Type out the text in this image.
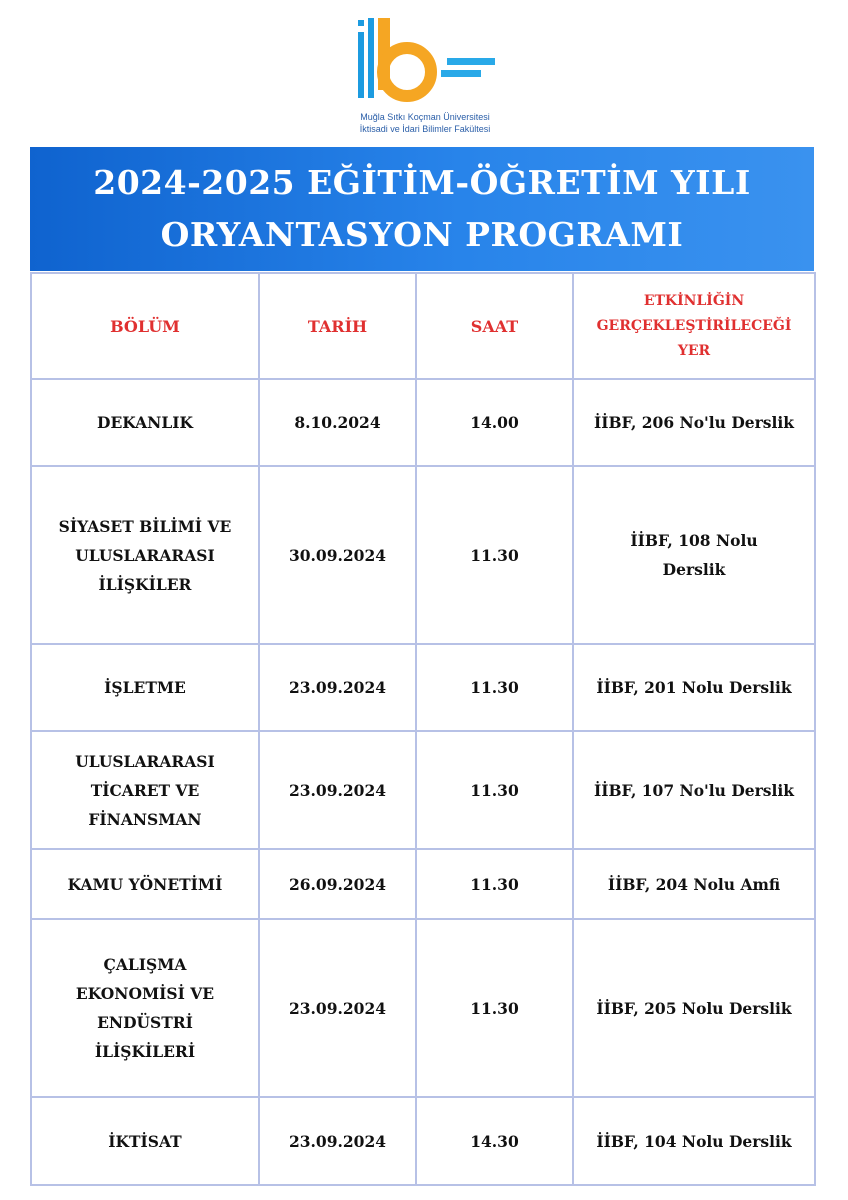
Muğla Sıtkı Koçman Üniversitesi
İktisadi ve İdari Bilimler Fakültesi
2024-2025 EĞİTİM-ÖĞRETİM YILI
ORYANTASYON PROGRAMI
BÖLÜM	TARİH	SAAT	ETKİNLİĞİN GERÇEKLEŞTİRİLECEĞİ YER
DEKANLIK	8.10.2024	14.00	İİBF, 206 No'lu Derslik
SİYASET BİLİMİ VE ULUSLARARASI İLİŞKİLER	30.09.2024	11.30	İİBF, 108 Nolu Derslik
İŞLETME	23.09.2024	11.30	İİBF, 201 Nolu Derslik
ULUSLARARASI TİCARET VE FİNANSMAN	23.09.2024	11.30	İİBF, 107 No'lu Derslik
KAMU YÖNETİMİ	26.09.2024	11.30	İİBF, 204 Nolu Amfi
ÇALIŞMA EKONOMİSİ VE ENDÜSTRİ İLİŞKİLERİ	23.09.2024	11.30	İİBF, 205 Nolu Derslik
İKTİSAT	23.09.2024	14.30	İİBF, 104 Nolu Derslik
